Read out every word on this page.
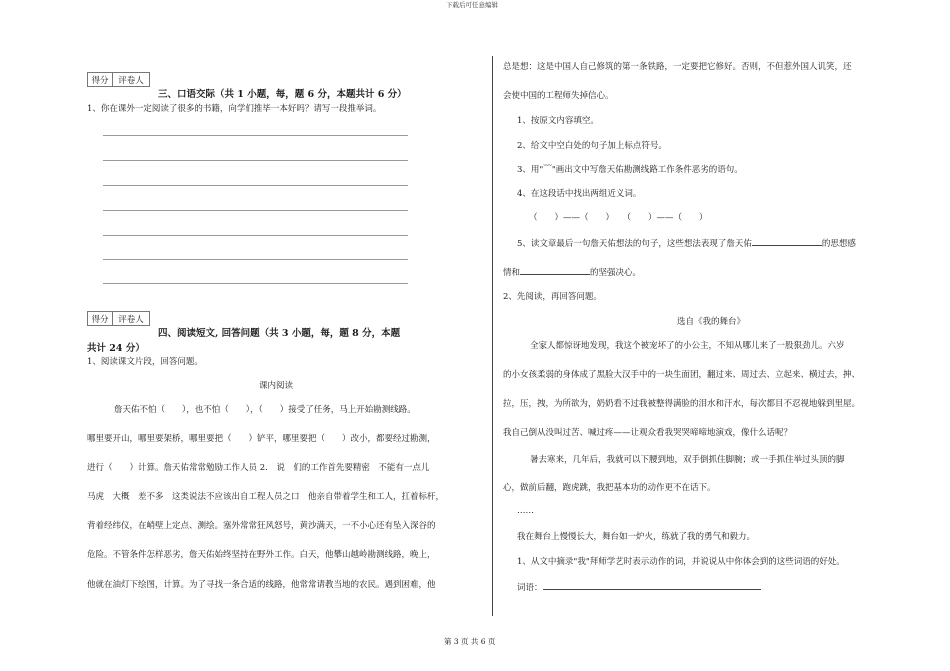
下载后可任意编辑
第 3 页 共 6 页
得分	评卷人
三、口语交际（共 1 小题，每，题 6 分，本题共计 6 分）
1、你在课外一定阅读了很多的书籍，向学们推毕一本好吗？请写一段推举词。
得分	评卷人
四、阅读短文, 回答问题（共 3 小题，每，题 8 分，本题
共计 24 分）
1、阅读课文片段，回答问题。
课内阅读
詹天佑不怕（　　），也不怕（　　），（　　）接受了任务，马上开始勘测线路。
哪里要开山，哪里要架桥，哪里要把（　　）铲平，哪里要把（　　）改小，都要经过勘测，
进行（　　）计算。詹天佑常常勉励工作人员 2.　说　们的工作首先要精密　不能有一点儿
马虎　大概　差不多　这类说法不应该出自工程人员之口　他亲自带着学生和工人，扛着标杆，
背着经纬仪，在峭壁上定点、测绘。塞外常常狂风怒号，黄沙满天，一不小心还有坠入深谷的
危险。不管条件怎样恶劣，詹天佑始终坚持在野外工作。白天，他攀山越岭勘测线路，晚上，
他就在油灯下绘图，计算。为了寻找一条合适的线路，他常常请教当地的农民。遇到困难，他
总是想：这是中国人自己修筑的第一条铁路，一定要把它修好。否则，不但惹外国人讥笑，还
会使中国的工程师失掉信心。
1、按原文内容填空。
2、给文中空白处的句子加上标点符号。
3、用"﹋"画出文中写詹天佑勘测线路工作条件恶劣的语句。
4、在这段话中找出两组近义词。
（　　）——（　　）　　（　　）——（　　）
5、读文章最后一句詹天佑想法的句子，这些想法表现了詹天佑	的思想感
情和	的坚强决心。
2、先阅读，再回答问题。
选自《我的舞台》
全家人都惊讶地发现，我这个被宠坏了的小公主，不知从哪儿来了一股狠劲儿。六岁
的小女孩柔弱的身体成了黑脸大汉手中的一块生面团，翻过来、周过去、立起来、横过去，抻、
拉，压，拽，为所欲为，奶奶看不过我被整得满脸的泪水和汗水，每次都目不忍视地躲到里屋。
我自己倒从没叫过苦、喊过疼——让观众看我哭哭啼啼地演戏，像什么话呢？
暑去寒来，几年后，我就可以下腰到地，双手倒抓住脚腕；或一手抓住举过头顶的脚
心，做前后翻，跑虎跳，我把基本功的动作更不在话下。
……
我在舞台上慢慢长大，舞台如一炉火，练就了我的勇气和毅力。
1、从文中摘录"我"拜师学艺时表示动作的词，并说说从中你体会到的这些词语的好处。
词语：
